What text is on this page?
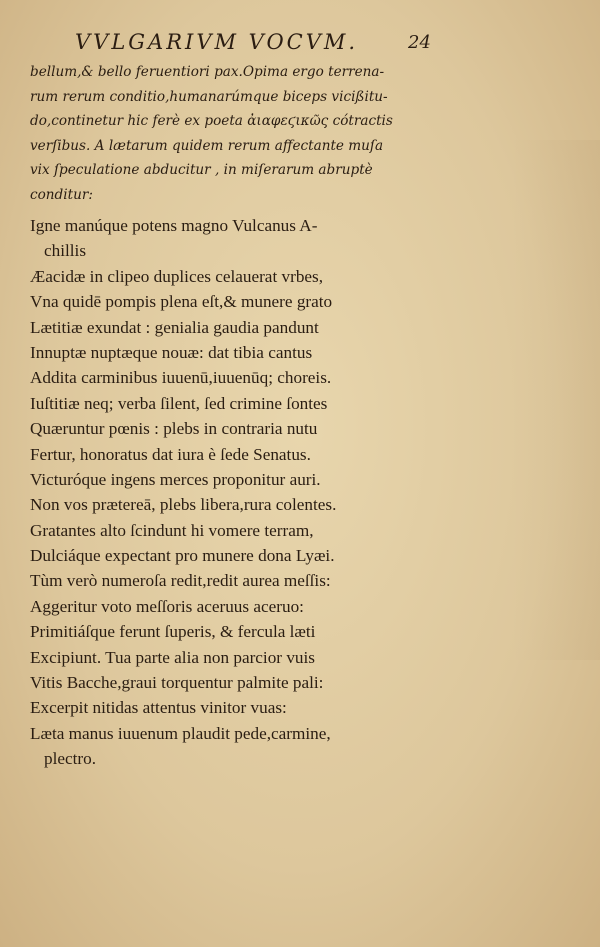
VVLGARIVM VOCVM.	24
bellum,& bello feruentiori pax.Opima ergo terrena-
rum rerum conditio,humanarúmque biceps vicißitu-
do,continetur hic ferè ex poeta ἀιαφεϛικῶς cótractis
verſibus. A lætarum quidem rerum affectante muſa
vix ſpeculatione abducitur , in miſerarum abruptè
conditur:
Igne manúque potens magno Vulcanus A-
chillis
Æacidæ in clipeo duplices celauerat vrbes,
Vna quidē pompis plena eſt,& munere grato
Lætitiæ exundat : genialia gaudia pandunt
Innuptæ nuptæque nouæ: dat tibia cantus
Addita carminibus iuuenū,iuuenūq; choreis.
Iuſtitiæ neq; verba ſilent, ſed crimine ſontes
Quæruntur pœnis : plebs in contraria nutu
Fertur, honoratus dat iura è ſede Senatus.
Victuróque ingens merces proponitur auri.
Non vos prætereā, plebs libera,rura colentes.
Gratantes alto ſcindunt hi vomere terram,
Dulciáque expectant pro munere dona Lyæi.
Tùm verò numeroſa redit,redit aurea meſſis:
Aggeritur voto meſſoris aceruus aceruo:
Primitiáſque ferunt ſuperis, & fercula læti
Excipiunt. Tua parte alia non parcior vuis
Vitis Bacche,graui torquentur palmite pali:
Excerpit nitidas attentus vinitor vuas:
Læta manus iuuenum plaudit pede,carmine,
plectro.
